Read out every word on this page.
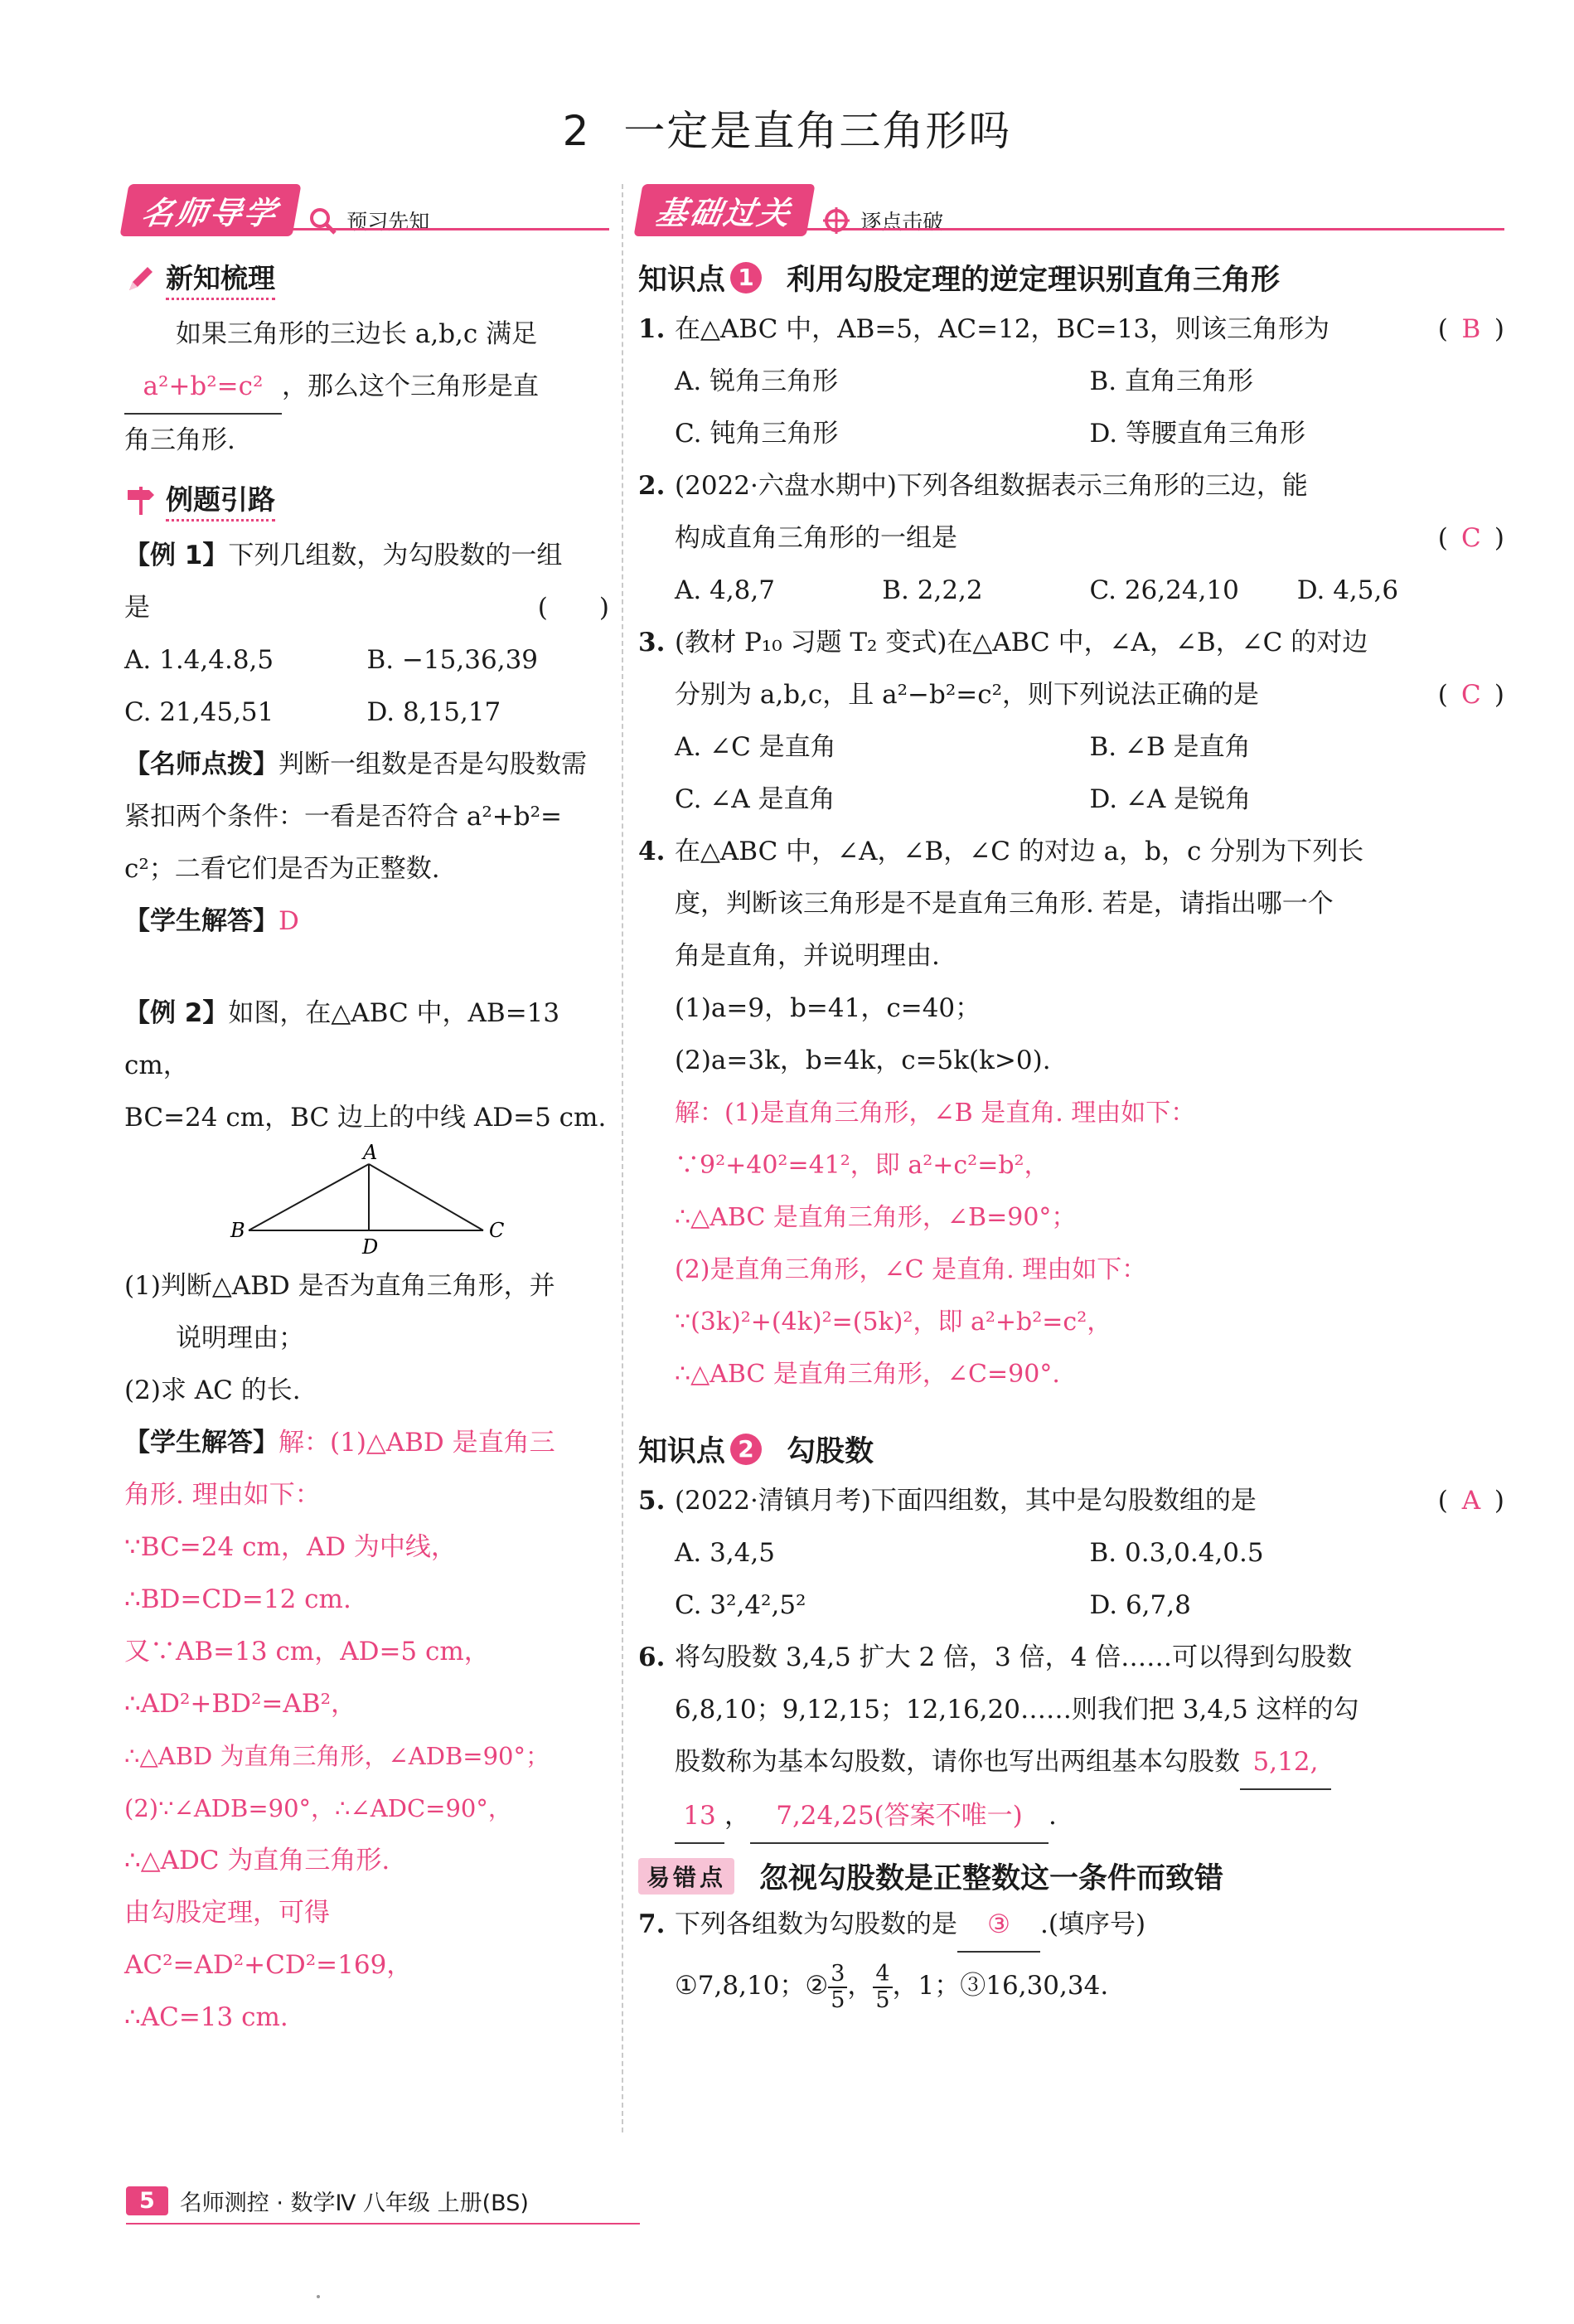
2 一定是直角三角形吗
名师导学	预习先知
新知梳理

如果三角形的三边长 a,b,c 满足

a²+b²=c² ，那么这个三角形是直

角三角形.

例题引路

【例 1】下列几组数，为勾股数的一组

是	(　　)

A. 1.4,4.8,5	B. −15,36,39
C. 21,45,51	D. 8,15,17

【名师点拨】判断一组数是否是勾股数需

紧扣两个条件：一看是否符合 a²+b²=

c²；二看它们是否为正整数.

【学生解答】D

【例 2】如图，在△ABC 中，AB=13 cm，

BC=24 cm，BC 边上的中线 AD=5 cm.

A
B	C
D

(1)判断△ABD 是否为直角三角形，并

说明理由；

(2)求 AC 的长.

【学生解答】解：(1)△ABD 是直角三

角形. 理由如下：

∵BC=24 cm，AD 为中线，

∴BD=CD=12 cm.

又∵AB=13 cm，AD=5 cm，

∴AD²+BD²=AB²，

∴△ABD 为直角三角形，∠ADB=90°；

(2)∵∠ADB=90°，∴∠ADC=90°，

∴△ADC 为直角三角形.

由勾股定理，可得

AC²=AD²+CD²=169，

∴AC=13 cm.

基础过关	逐点击破
知识点 1 利用勾股定理的逆定理识别直角三角形

1. 在△ABC 中，AB=5，AC=12，BC=13，则该三角形为	( B )

A. 锐角三角形	B. 直角三角形
C. 钝角三角形	D. 等腰直角三角形

2. (2022·六盘水期中)下列各组数据表示三角形的三边，能

构成直角三角形的一组是	( C )

A. 4,8,7	B. 2,2,2	C. 26,24,10	D. 4,5,6

3. (教材 P₁₀ 习题 T₂ 变式)在△ABC 中，∠A，∠B，∠C 的对边

分别为 a,b,c，且 a²−b²=c²，则下列说法正确的是	( C )

A. ∠C 是直角	B. ∠B 是直角
C. ∠A 是直角	D. ∠A 是锐角

4. 在△ABC 中，∠A，∠B，∠C 的对边 a，b，c 分别为下列长

度，判断该三角形是不是直角三角形. 若是，请指出哪一个

角是直角，并说明理由.

(1)a=9，b=41，c=40；

(2)a=3k，b=4k，c=5k(k>0).

解：(1)是直角三角形，∠B 是直角. 理由如下：

∵9²+40²=41²，即 a²+c²=b²，

∴△ABC 是直角三角形，∠B=90°；

(2)是直角三角形，∠C 是直角. 理由如下：

∵(3k)²+(4k)²=(5k)²，即 a²+b²=c²，

∴△ABC 是直角三角形，∠C=90°.

知识点 2 勾股数

5. (2022·清镇月考)下面四组数，其中是勾股数组的是	( A )

A. 3,4,5	B. 0.3,0.4,0.5
C. 3²,4²,5²	D. 6,7,8

6. 将勾股数 3,4,5 扩大 2 倍，3 倍，4 倍……可以得到勾股数

6,8,10；9,12,15；12,16,20……则我们把 3,4,5 这样的勾

股数称为基本勾股数，请你也写出两组基本勾股数 5,12,

13 ， 7,24,25(答案不唯一) .

易错点 忽视勾股数是正整数这一条件而致错

7. 下列各组数为勾股数的是 ③ .(填序号)

①7,8,10；② $\frac{3}{5}$ ， $\frac{4}{5}$ ，1；③16,30,34.

5	名师测控 · 数学Ⅳ 八年级 上册(BS)
